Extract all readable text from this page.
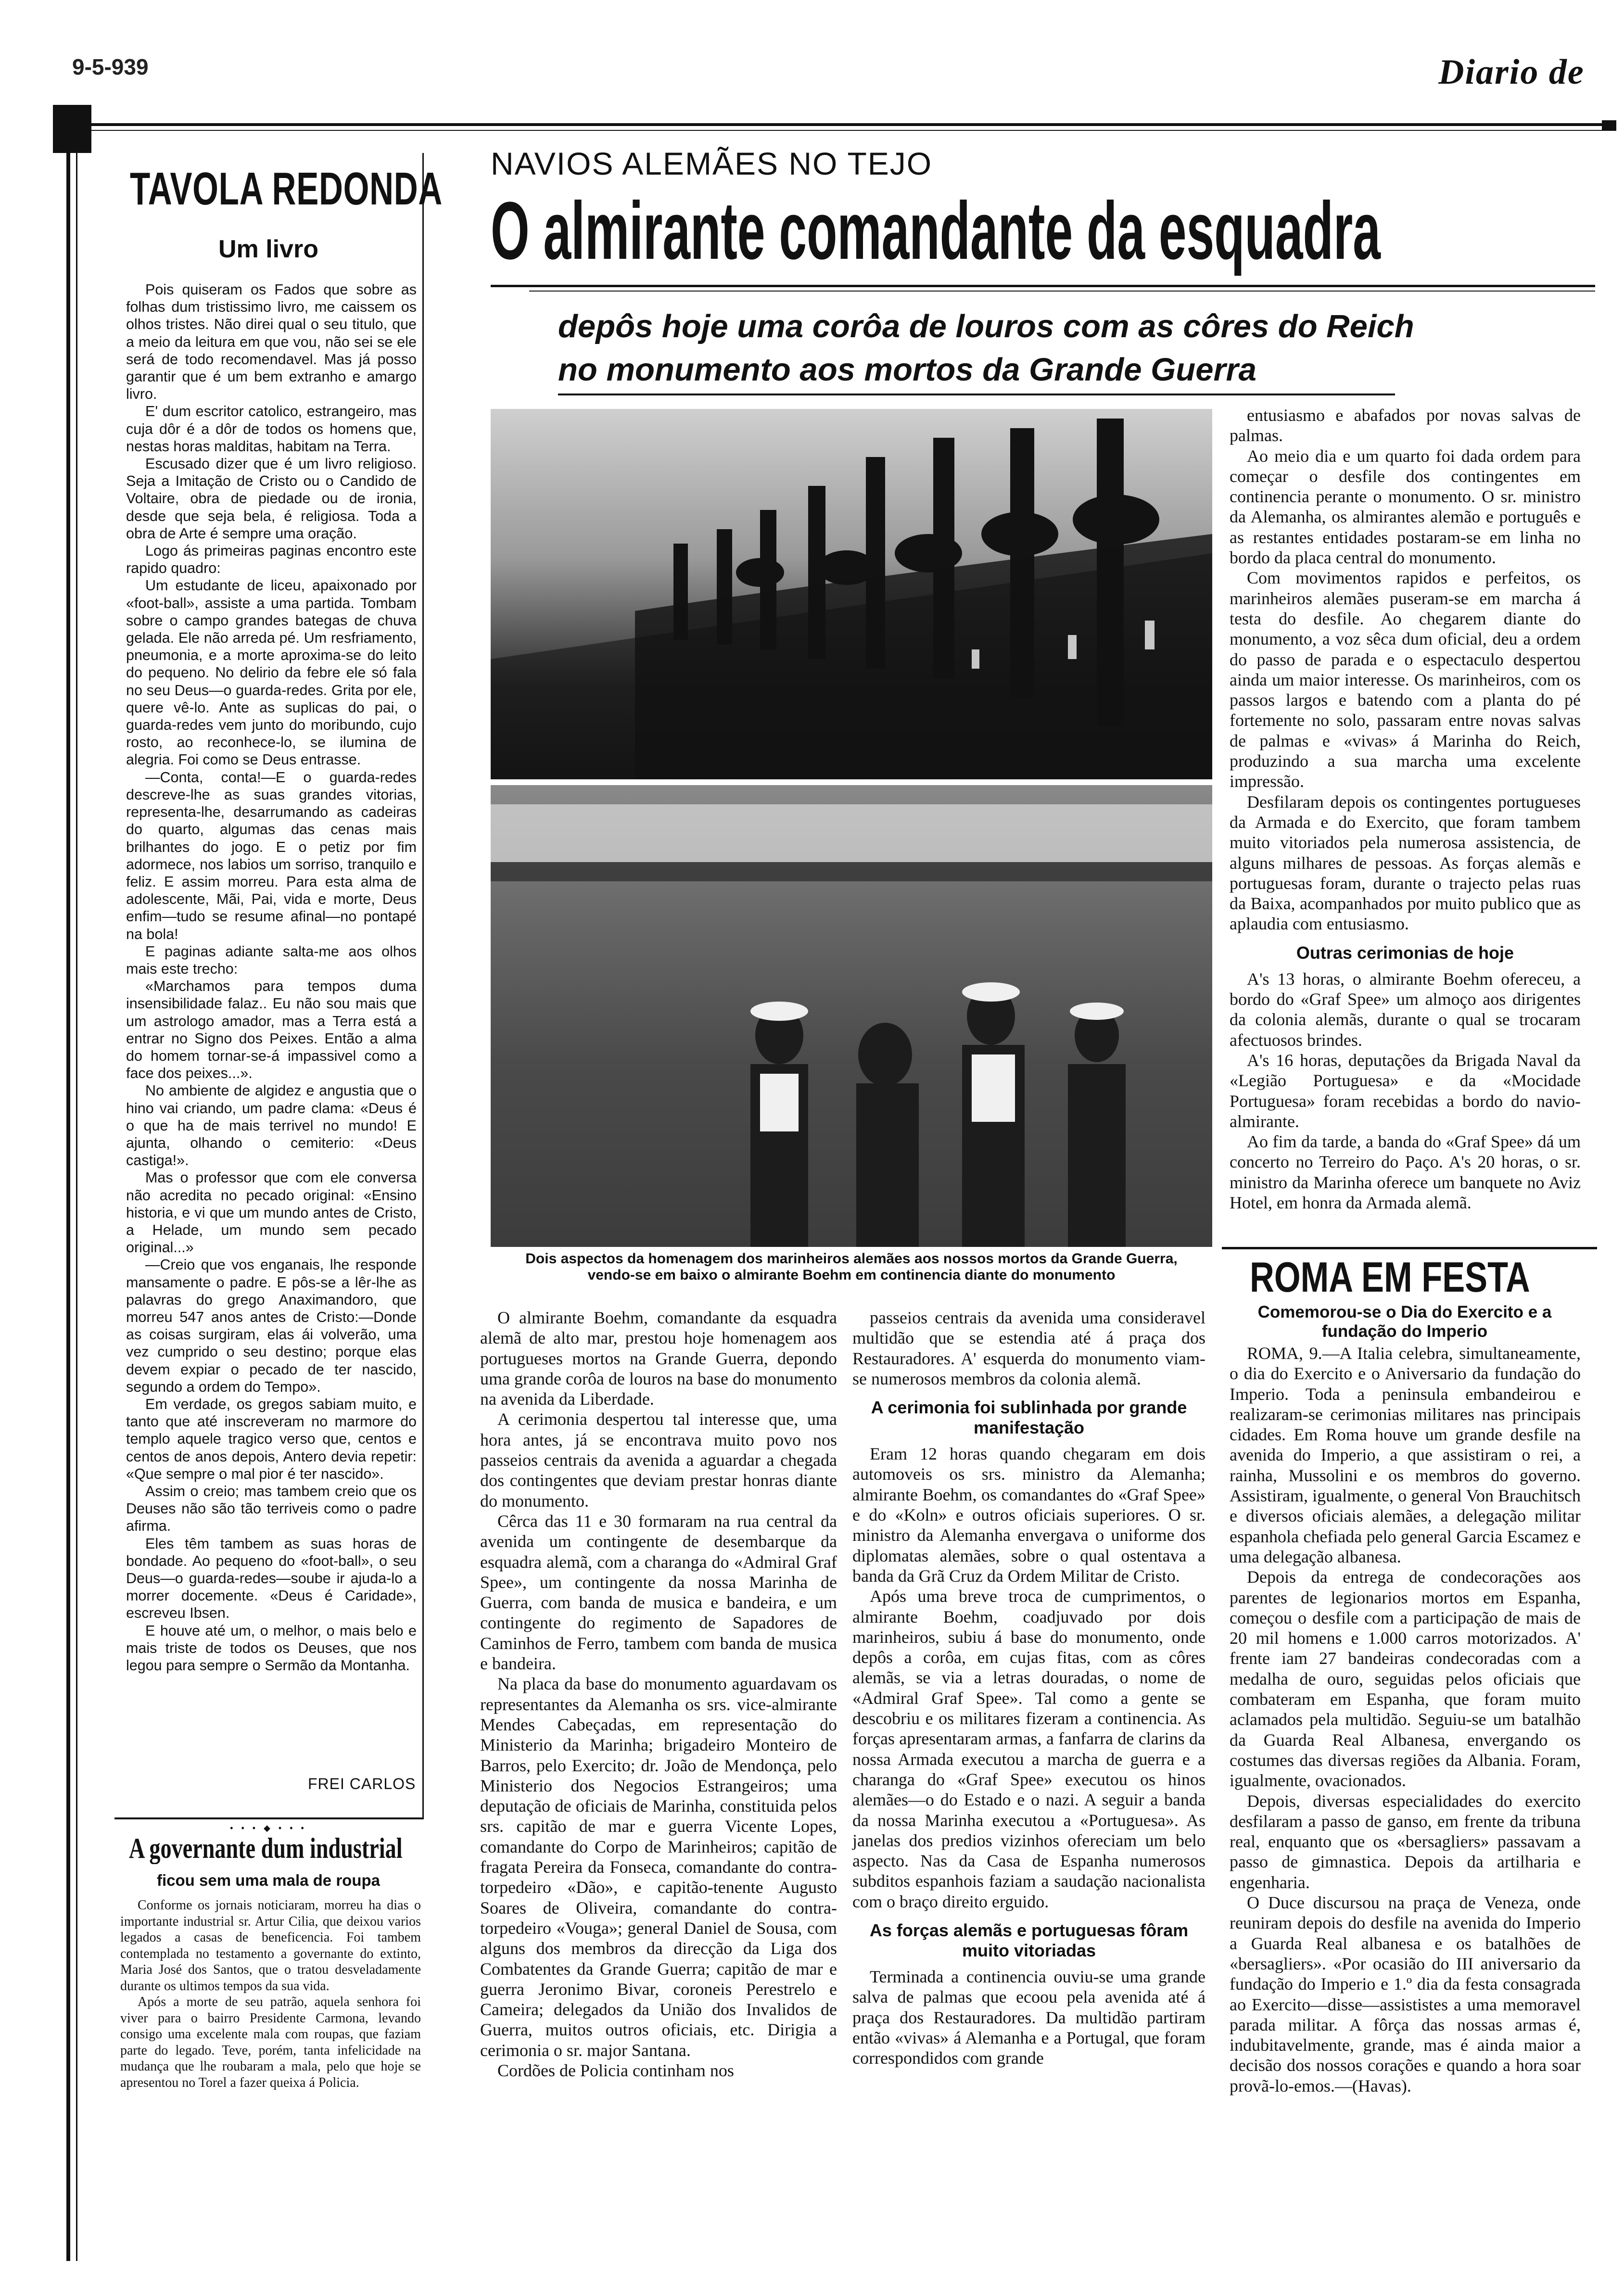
9-5-939	Diario de
TAVOLA REDONDA
Um livro

Pois quiseram os Fados que sobre as folhas dum tristissimo livro, me caissem os olhos tristes. Não direi qual o seu titulo, que a meio da leitura em que vou, não sei se ele será de todo recomendavel. Mas já posso garantir que é um bem extranho e amargo livro.

E' dum escritor catolico, estrangeiro, mas cuja dôr é a dôr de todos os homens que, nestas horas malditas, habitam na Terra.

Escusado dizer que é um livro religioso. Seja a Imitação de Cristo ou o Candido de Voltaire, obra de piedade ou de ironia, desde que seja bela, é religiosa. Toda a obra de Arte é sempre uma oração.

Logo ás primeiras paginas encontro este rapido quadro:

Um estudante de liceu, apaixonado por «foot-ball», assiste a uma partida. Tombam sobre o campo grandes bategas de chuva gelada. Ele não arreda pé. Um resfriamento, pneumonia, e a morte aproxima-se do leito do pequeno. No delirio da febre ele só fala no seu Deus—o guarda-redes. Grita por ele, quere vê-lo. Ante as suplicas do pai, o guarda-redes vem junto do moribundo, cujo rosto, ao reconhece-lo, se ilumina de alegria. Foi como se Deus entrasse.

—Conta, conta!—E o guarda-redes descreve-lhe as suas grandes vitorias, representa-lhe, desarrumando as cadeiras do quarto, algumas das cenas mais brilhantes do jogo. E o petiz por fim adormece, nos labios um sorriso, tranquilo e feliz. E assim morreu. Para esta alma de adolescente, Mãi, Pai, vida e morte, Deus enfim—tudo se resume afinal—no pontapé na bola!

E paginas adiante salta-me aos olhos mais este trecho:

«Marchamos para tempos duma insensibilidade falaz.. Eu não sou mais que um astrologo amador, mas a Terra está a entrar no Signo dos Peixes. Então a alma do homem tornar-se-á impassivel como a face dos peixes...».

No ambiente de algidez e angustia que o hino vai criando, um padre clama: «Deus é o que ha de mais terrivel no mundo! E ajunta, olhando o cemiterio: «Deus castiga!».

Mas o professor que com ele conversa não acredita no pecado original: «Ensino historia, e vi que um mundo antes de Cristo, a Helade, um mundo sem pecado original...»

—Creio que vos enganais, lhe responde mansamente o padre. E pôs-se a lêr-lhe as palavras do grego Anaximandoro, que morreu 547 anos antes de Cristo:—Donde as coisas surgiram, elas ái volverão, uma vez cumprido o seu destino; porque elas devem expiar o pecado de ter nascido, segundo a ordem do Tempo».

Em verdade, os gregos sabiam muito, e tanto que até inscreveram no marmore do templo aquele tragico verso que, centos e centos de anos depois, Antero devia repetir: «Que sempre o mal pior é ter nascido».

Assim o creio; mas tambem creio que os Deuses não são tão terriveis como o padre afirma.

Eles têm tambem as suas horas de bondade. Ao pequeno do «foot-ball», o seu Deus—o guarda-redes—soube ir ajuda-lo a morrer docemente. «Deus é Caridade», escreveu Ibsen.

E houve até um, o melhor, o mais belo e mais triste de todos os Deuses, que nos legou para sempre o Sermão da Montanha.

FREI CARLOS
• • • ◆ • • •
A governante dum industrial
ficou sem uma mala de roupa

Conforme os jornais noticiaram, morreu ha dias o importante industrial sr. Artur Cilia, que deixou varios legados a casas de beneficencia. Foi tambem contemplada no testamento a governante do extinto, Maria José dos Santos, que o tratou desveladamente durante os ultimos tempos da sua vida.

Após a morte de seu patrão, aquela senhora foi viver para o bairro Presidente Carmona, levando consigo uma excelente mala com roupas, que faziam parte do legado. Teve, porém, tanta infelicidade na mudança que lhe roubaram a mala, pelo que hoje se apresentou no Torel a fazer queixa á Policia.

NAVIOS ALEMÃES NO TEJO
O almirante comandante da esquadra
depôs hoje uma corôa de louros com as côres do Reich
no monumento aos mortos da Grande Guerra
Dois aspectos da homenagem dos marinheiros alemães aos nossos mortos da Grande Guerra, vendo-se em baixo o almirante Boehm em continencia diante do monumento

O almirante Boehm, comandante da esquadra alemã de alto mar, prestou hoje homenagem aos portugueses mortos na Grande Guerra, depondo uma grande corôa de louros na base do monumento na avenida da Liberdade.

A cerimonia despertou tal interesse que, uma hora antes, já se encontrava muito povo nos passeios centrais da avenida a aguardar a chegada dos contingentes que deviam prestar honras diante do monumento.

Cêrca das 11 e 30 formaram na rua central da avenida um contingente de desembarque da esquadra alemã, com a charanga do «Admiral Graf Spee», um contingente da nossa Marinha de Guerra, com banda de musica e bandeira, e um contingente do regimento de Sapadores de Caminhos de Ferro, tambem com banda de musica e bandeira.

Na placa da base do monumento aguardavam os representantes da Alemanha os srs. vice-almirante Mendes Cabeçadas, em representação do Ministerio da Marinha; brigadeiro Monteiro de Barros, pelo Exercito; dr. João de Mendonça, pelo Ministerio dos Negocios Estrangeiros; uma deputação de oficiais de Marinha, constituida pelos srs. capitão de mar e guerra Vicente Lopes, comandante do Corpo de Marinheiros; capitão de fragata Pereira da Fonseca, comandante do contra-torpedeiro «Dão», e capitão-tenente Augusto Soares de Oliveira, comandante do contra-torpedeiro «Vouga»; general Daniel de Sousa, com alguns dos membros da direcção da Liga dos Combatentes da Grande Guerra; capitão de mar e guerra Jeronimo Bivar, coroneis Perestrelo e Cameira; delegados da União dos Invalidos de Guerra, muitos outros oficiais, etc. Dirigia a cerimonia o sr. major Santana.

Cordões de Policia continham nos

passeios centrais da avenida uma consideravel multidão que se estendia até á praça dos Restauradores. A' esquerda do monumento viam-se numerosos membros da colonia alemã.

A cerimonia foi sublinhada por grande manifestação

Eram 12 horas quando chegaram em dois automoveis os srs. ministro da Alemanha; almirante Boehm, os comandantes do «Graf Spee» e do «Koln» e outros oficiais superiores. O sr. ministro da Alemanha envergava o uniforme dos diplomatas alemães, sobre o qual ostentava a banda da Grã Cruz da Ordem Militar de Cristo.

Após uma breve troca de cumprimentos, o almirante Boehm, coadjuvado por dois marinheiros, subiu á base do monumento, onde depôs a corôa, em cujas fitas, com as côres alemãs, se via a letras douradas, o nome de «Admiral Graf Spee». Tal como a gente se descobriu e os militares fizeram a continencia. As forças apresentaram armas, a fanfarra de clarins da nossa Armada executou a marcha de guerra e a charanga do «Graf Spee» executou os hinos alemães—o do Estado e o nazi. A seguir a banda da nossa Marinha executou a «Portuguesa». As janelas dos predios vizinhos ofereciam um belo aspecto. Nas da Casa de Espanha numerosos subditos espanhois faziam a saudação nacionalista com o braço direito erguido.

As forças alemãs e portuguesas fôram muito vitoriadas

Terminada a continencia ouviu-se uma grande salva de palmas que ecoou pela avenida até á praça dos Restauradores. Da multidão partiram então «vivas» á Alemanha e a Portugal, que foram correspondidos com grande

entusiasmo e abafados por novas salvas de palmas.

Ao meio dia e um quarto foi dada ordem para começar o desfile dos contingentes em continencia perante o monumento. O sr. ministro da Alemanha, os almirantes alemão e português e as restantes entidades postaram-se em linha no bordo da placa central do monumento.

Com movimentos rapidos e perfeitos, os marinheiros alemães puseram-se em marcha á testa do desfile. Ao chegarem diante do monumento, a voz sêca dum oficial, deu a ordem do passo de parada e o espectaculo despertou ainda um maior interesse. Os marinheiros, com os passos largos e batendo com a planta do pé fortemente no solo, passaram entre novas salvas de palmas e «vivas» á Marinha do Reich, produzindo a sua marcha uma excelente impressão.

Desfilaram depois os contingentes portugueses da Armada e do Exercito, que foram tambem muito vitoriados pela numerosa assistencia, de alguns milhares de pessoas. As forças alemãs e portuguesas foram, durante o trajecto pelas ruas da Baixa, acompanhados por muito publico que as aplaudia com entusiasmo.

Outras cerimonias de hoje

A's 13 horas, o almirante Boehm ofereceu, a bordo do «Graf Spee» um almoço aos dirigentes da colonia alemãs, durante o qual se trocaram afectuosos brindes.

A's 16 horas, deputações da Brigada Naval da «Legião Portuguesa» e da «Mocidade Portuguesa» foram recebidas a bordo do navio-almirante.

Ao fim da tarde, a banda do «Graf Spee» dá um concerto no Terreiro do Paço. A's 20 horas, o sr. ministro da Marinha oferece um banquete no Aviz Hotel, em honra da Armada alemã.

ROMA EM FESTA
Comemorou-se o Dia do Exercito e a fundação do Imperio

ROMA, 9.—A Italia celebra, simultaneamente, o dia do Exercito e o Aniversario da fundação do Imperio. Toda a peninsula embandeirou e realizaram-se cerimonias militares nas principais cidades. Em Roma houve um grande desfile na avenida do Imperio, a que assistiram o rei, a rainha, Mussolini e os membros do governo. Assistiram, igualmente, o general Von Brauchitsch e diversos oficiais alemães, a delegação militar espanhola chefiada pelo general Garcia Escamez e uma delegação albanesa.

Depois da entrega de condecorações aos parentes de legionarios mortos em Espanha, começou o desfile com a participação de mais de 20 mil homens e 1.000 carros motorizados. A' frente iam 27 bandeiras condecoradas com a medalha de ouro, seguidas pelos oficiais que combateram em Espanha, que foram muito aclamados pela multidão. Seguiu-se um batalhão da Guarda Real Albanesa, envergando os costumes das diversas regiões da Albania. Foram, igualmente, ovacionados.

Depois, diversas especialidades do exercito desfilaram a passo de ganso, em frente da tribuna real, enquanto que os «bersagliers» passavam a passo de gimnastica. Depois da artilharia e engenharia.

O Duce discursou na praça de Veneza, onde reuniram depois do desfile na avenida do Imperio a Guarda Real albanesa e os batalhões de «bersagliers». «Por ocasião do III aniversario da fundação do Imperio e 1.º dia da festa consagrada ao Exercito—disse—assististes a uma memoravel parada militar. A fôrça das nossas armas é, indubitavelmente, grande, mas é ainda maior a decisão dos nossos corações e quando a hora soar provã-lo-emos.—(Havas).
